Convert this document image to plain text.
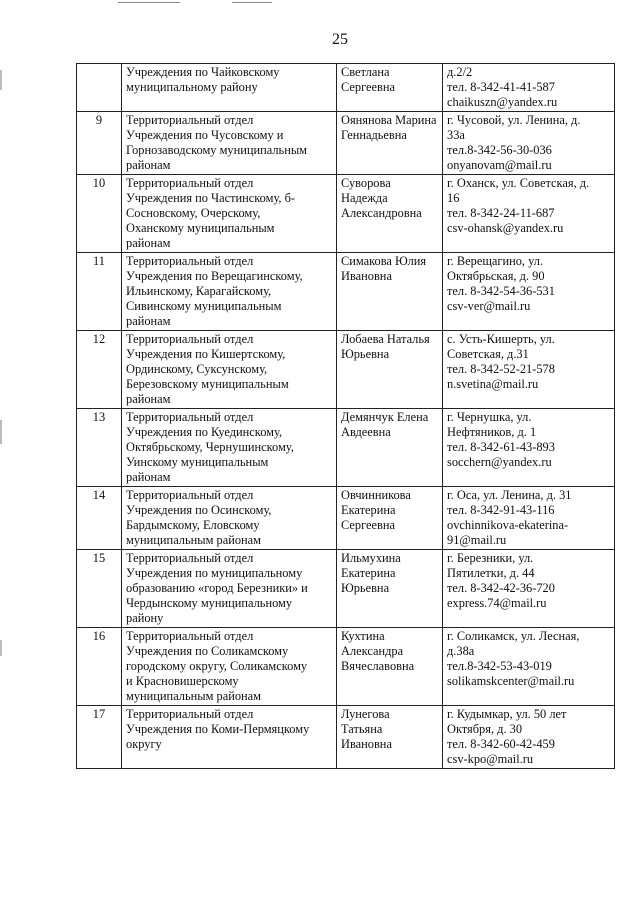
25

	Учреждения по Чайковскому
муниципальному району	Светлана
Сергеевна	д.2/2
тел. 8-342-41-41-587
chaikuszn@yandex.ru

9	Территориальный отдел
Учреждения по Чусовскому и
Горнозаводскому муниципальным
районам	Оянянова Марина
Геннадьевна	г. Чусовой, ул. Ленина, д.
33а
тел.8-342-56-30-036
onyanovam@mail.ru

10	Территориальный отдел
Учреждения по Частинскому, б-
Сосновскому, Очерскому,
Оханскому муниципальным
районам	Суворова
Надежда
Александровна	г. Оханск, ул. Советская, д.
16
тел. 8-342-24-11-687
csv-ohansk@yandex.ru

11	Территориальный отдел
Учреждения по Верещагинскому,
Ильинскому, Карагайскому,
Сивинскому муниципальным
районам	Симакова Юлия
Ивановна	г. Верещагино, ул.
Октябрьская, д. 90
тел. 8-342-54-36-531
csv-ver@mail.ru

12	Территориальный отдел
Учреждения по Кишертскому,
Ординскому, Суксунскому,
Березовскому муниципальным
районам	Лобаева Наталья
Юрьевна	с. Усть-Кишерть, ул.
Советская, д.31
тел. 8-342-52-21-578
n.svetina@mail.ru

13	Территориальный отдел
Учреждения по Куединскому,
Октябрьскому, Чернушинскому,
Уинскому муниципальным
районам	Демянчук Елена
Авдеевна	г. Чернушка, ул.
Нефтяников, д. 1
тел. 8-342-61-43-893
socchern@yandex.ru

14	Территориальный отдел
Учреждения по Осинскому,
Бардымскому, Еловскому
муниципальным районам	Овчинникова
Екатерина
Сергеевна	г. Оса, ул. Ленина, д. 31
тел. 8-342-91-43-116
ovchinnikova-ekaterina-
91@mail.ru

15	Территориальный отдел
Учреждения по муниципальному
образованию «город Березники» и
Чердынскому муниципальному
району	Ильмухина
Екатерина
Юрьевна	г. Березники, ул.
Пятилетки, д. 44
тел. 8-342-42-36-720
express.74@mail.ru

16	Территориальный отдел
Учреждения по Соликамскому
городскому округу, Соликамскому
и Красновишерскому
муниципальным районам	Кухтина
Александра
Вячеславовна	г. Соликамск, ул. Лесная,
д.38а
тел.8-342-53-43-019
solikamskcenter@mail.ru

17	Территориальный отдел
Учреждения по Коми-Пермяцкому
округу	Лунегова
Татьяна
Ивановна	г. Кудымкар, ул. 50 лет
Октября, д. 30
тел. 8-342-60-42-459
csv-kpo@mail.ru
